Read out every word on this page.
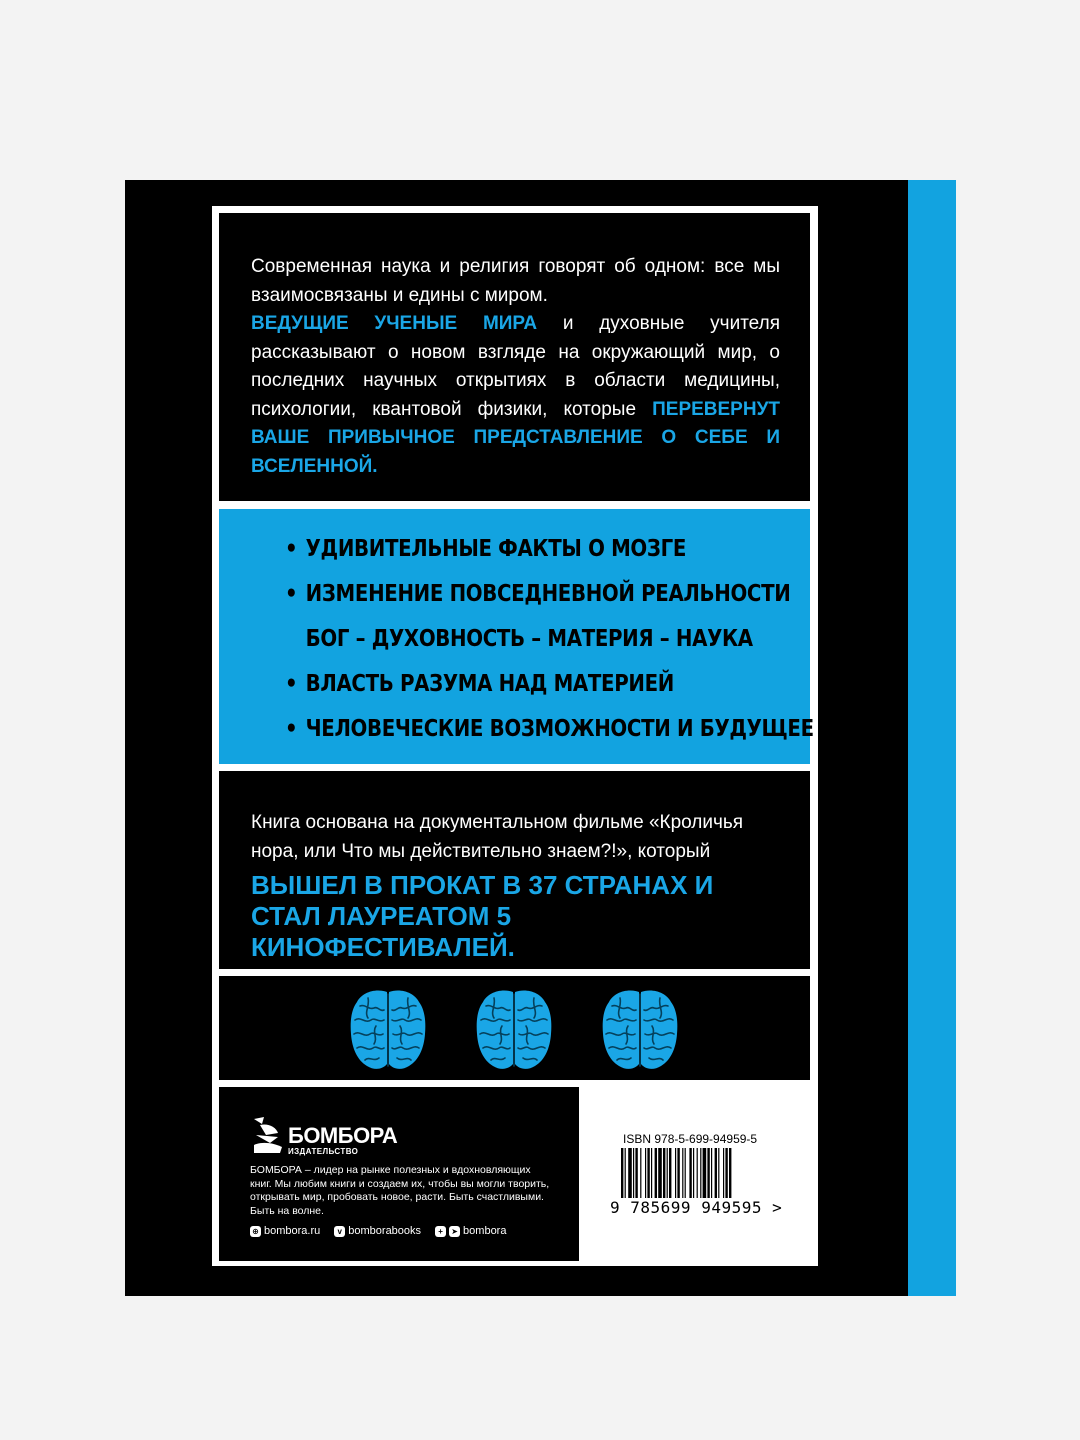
Современная наука и религия говорят об одном: все мы взаимосвязаны и едины с миром.
ВЕДУЩИЕ УЧЕНЫЕ МИРА и духовные учителя рассказывают о новом взгляде на окружающий мир, о последних научных открытиях в области медицины, психологии, квантовой физики, которые ПЕРЕВЕРНУТ ВАШЕ ПРИВЫЧНОЕ ПРЕДСТАВЛЕНИЕ О СЕБЕ И ВСЕЛЕННОЙ.

• УДИВИТЕЛЬНЫЕ ФАКТЫ О МОЗГЕ
• ИЗМЕНЕНИЕ ПОВСЕДНЕВНОЙ РЕАЛЬНОСТИ
БОГ – ДУХОВНОСТЬ – МАТЕРИЯ – НАУКА
• ВЛАСТЬ РАЗУМА НАД МАТЕРИЕЙ
• ЧЕЛОВЕЧЕСКИЕ ВОЗМОЖНОСТИ И БУДУЩЕЕ

Книга основана на документальном фильме «Кроличья нора, или Что мы действительно знаем?!», который

ВЫШЕЛ В ПРОКАТ В 37 СТРАНАХ И СТАЛ ЛАУРЕАТОМ 5 КИНОФЕСТИВАЛЕЙ.

БОМБОРА
ИЗДАТЕЛЬСТВО
БОМБОРА – лидер на рынке полезных и вдохновляющих книг. Мы любим книги и создаем их, чтобы вы могли творить, открывать мир, пробовать новое, расти. Быть счастливыми. Быть на волне.
⊕ bombora.ru	v bomborabooks	+ ➤ bombora
ISBN 978-5-699-94959-5
9 785699 949595 >
